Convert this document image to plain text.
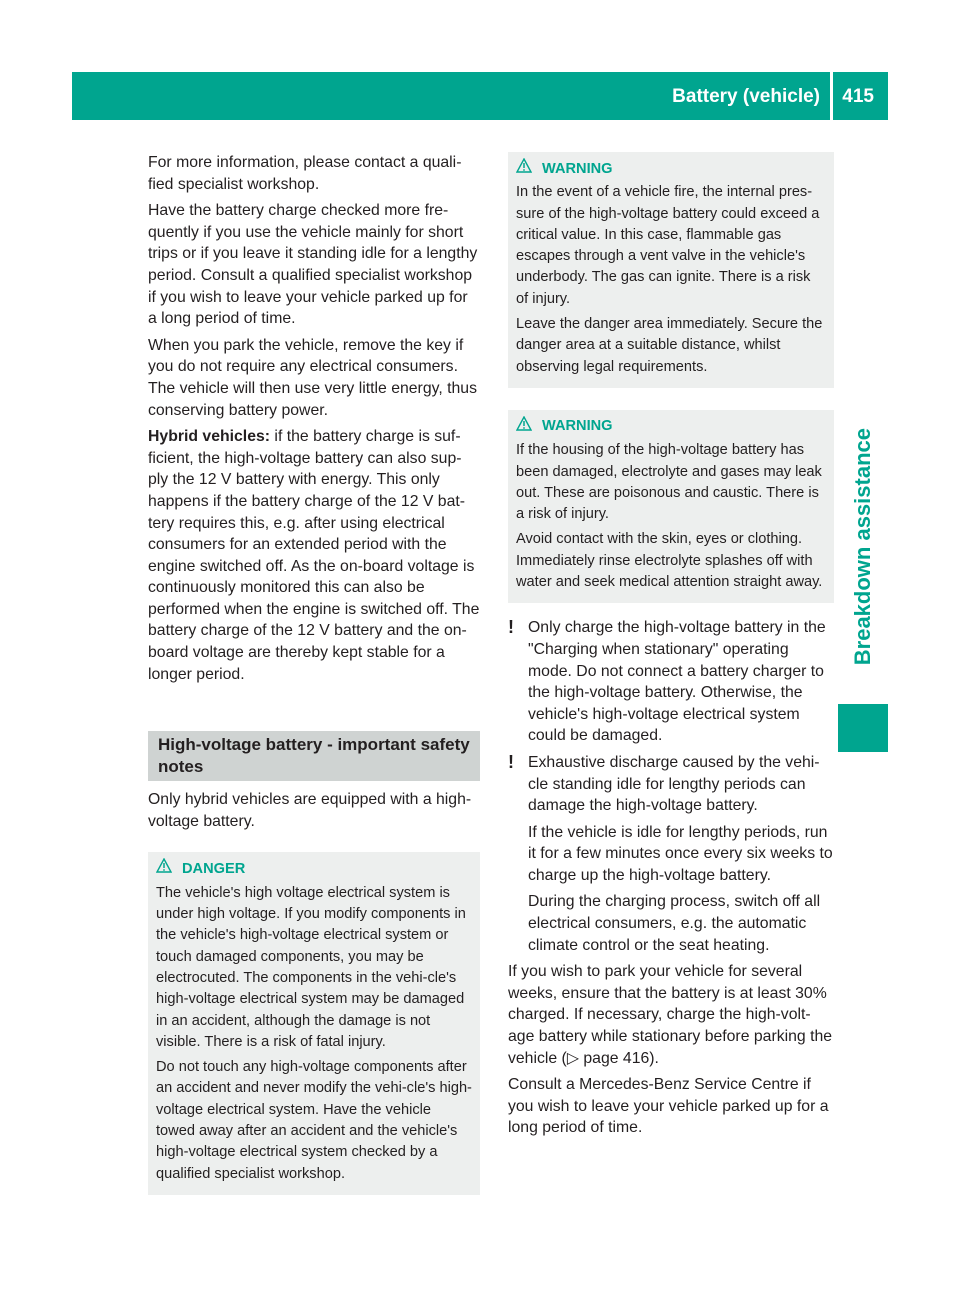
Battery (vehicle) 415
Breakdown assistance

For more information, please contact a quali-fied specialist workshop.

Have the battery charge checked more fre-quently if you use the vehicle mainly for short trips or if you leave it standing idle for a lengthy period. Consult a qualified specialist workshop if you wish to leave your vehicle parked up for a long period of time.

When you park the vehicle, remove the key if you do not require any electrical consumers. The vehicle will then use very little energy, thus conserving battery power.

Hybrid vehicles: if the battery charge is suf-ficient, the high-voltage battery can also sup-ply the 12 V battery with energy. This only happens if the battery charge of the 12 V bat-tery requires this, e.g. after using electrical consumers for an extended period with the engine switched off. As the on-board voltage is continuously monitored this can also be performed when the engine is switched off. The battery charge of the 12 V battery and the on-board voltage are thereby kept stable for a longer period.

High-voltage battery - important safety notes

Only hybrid vehicles are equipped with a high-voltage battery.

DANGER

The vehicle's high voltage electrical system is under high voltage. If you modify components in the vehicle's high-voltage electrical system or touch damaged components, you may be electrocuted. The components in the vehi-cle's high-voltage electrical system may be damaged in an accident, although the damage is not visible. There is a risk of fatal injury.

Do not touch any high-voltage components after an accident and never modify the vehi-cle's high-voltage electrical system. Have the vehicle towed away after an accident and the vehicle's high-voltage electrical system checked by a qualified specialist workshop.

WARNING

In the event of a vehicle fire, the internal pres-sure of the high-voltage battery could exceed a critical value. In this case, flammable gas escapes through a vent valve in the vehicle's underbody. The gas can ignite. There is a risk of injury.

Leave the danger area immediately. Secure the danger area at a suitable distance, whilst observing legal requirements.

WARNING

If the housing of the high-voltage battery has been damaged, electrolyte and gases may leak out. These are poisonous and caustic. There is a risk of injury.

Avoid contact with the skin, eyes or clothing. Immediately rinse electrolyte splashes off with water and seek medical attention straight away.

! Only charge the high-voltage battery in the "Charging when stationary" operating mode. Do not connect a battery charger to the high-voltage battery. Otherwise, the vehicle's high-voltage electrical system could be damaged.

! Exhaustive discharge caused by the vehi-cle standing idle for lengthy periods can damage the high-voltage battery.

If the vehicle is idle for lengthy periods, run it for a few minutes once every six weeks to charge up the high-voltage battery.

During the charging process, switch off all electrical consumers, e.g. the automatic climate control or the seat heating.

If you wish to park your vehicle for several weeks, ensure that the battery is at least 30% charged. If necessary, charge the high-volt-age battery while stationary before parking the vehicle (▷ page 416).

Consult a Mercedes-Benz Service Centre if you wish to leave your vehicle parked up for a long period of time.
